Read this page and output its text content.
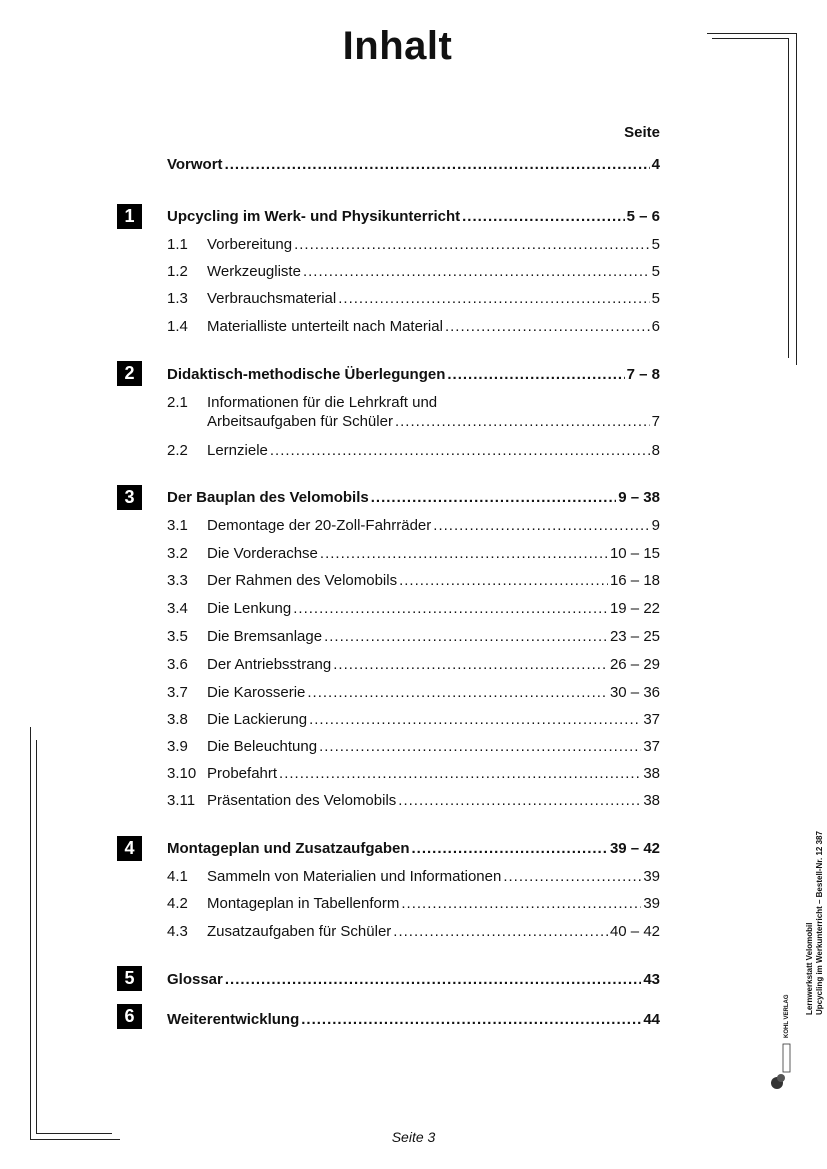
Inhalt
Seite
Vorwort .....	4
1	Upcycling im Werk- und Physikunterricht .....	5 – 6
1.1	Vorbereitung .....	5
1.2	Werkzeugliste .....	5
1.3	Verbrauchsmaterial .....	5
1.4	Materialliste unterteilt nach Material .....	6
2	Didaktisch-methodische Überlegungen .....	7 – 8
2.1	Informationen für die Lehrkraft und
Arbeitsaufgaben für Schüler .....	7
2.2	Lernziele .....	8
3	Der Bauplan des Velomobils .....	9 – 38
3.1	Demontage der 20-Zoll-Fahrräder .....	9
3.2	Die Vorderachse .....	10 – 15
3.3	Der Rahmen des Velomobils .....	16 – 18
3.4	Die Lenkung .....	19 – 22
3.5	Die Bremsanlage .....	23 – 25
3.6	Der Antriebsstrang .....	26 – 29
3.7	Die Karosserie .....	30 – 36
3.8	Die Lackierung .....	37
3.9	Die Beleuchtung .....	37
3.10 Probefahrt .....	38
3.11 Präsentation des Velomobils .....	38
4	Montageplan und Zusatzaufgaben .....	39 – 42
4.1	Sammeln von Materialien und Informationen .....	39
4.2	Montageplan in Tabellenform .....	39
4.3	Zusatzaufgaben für Schüler .....	40 – 42
5	Glossar .....	43
6	Weiterentwicklung .....	44
Lernwerkstatt Velomobil Upcycling im Werkunterricht – Bestell-Nr. 12 387
KOHL VERLAG
Seite 3
